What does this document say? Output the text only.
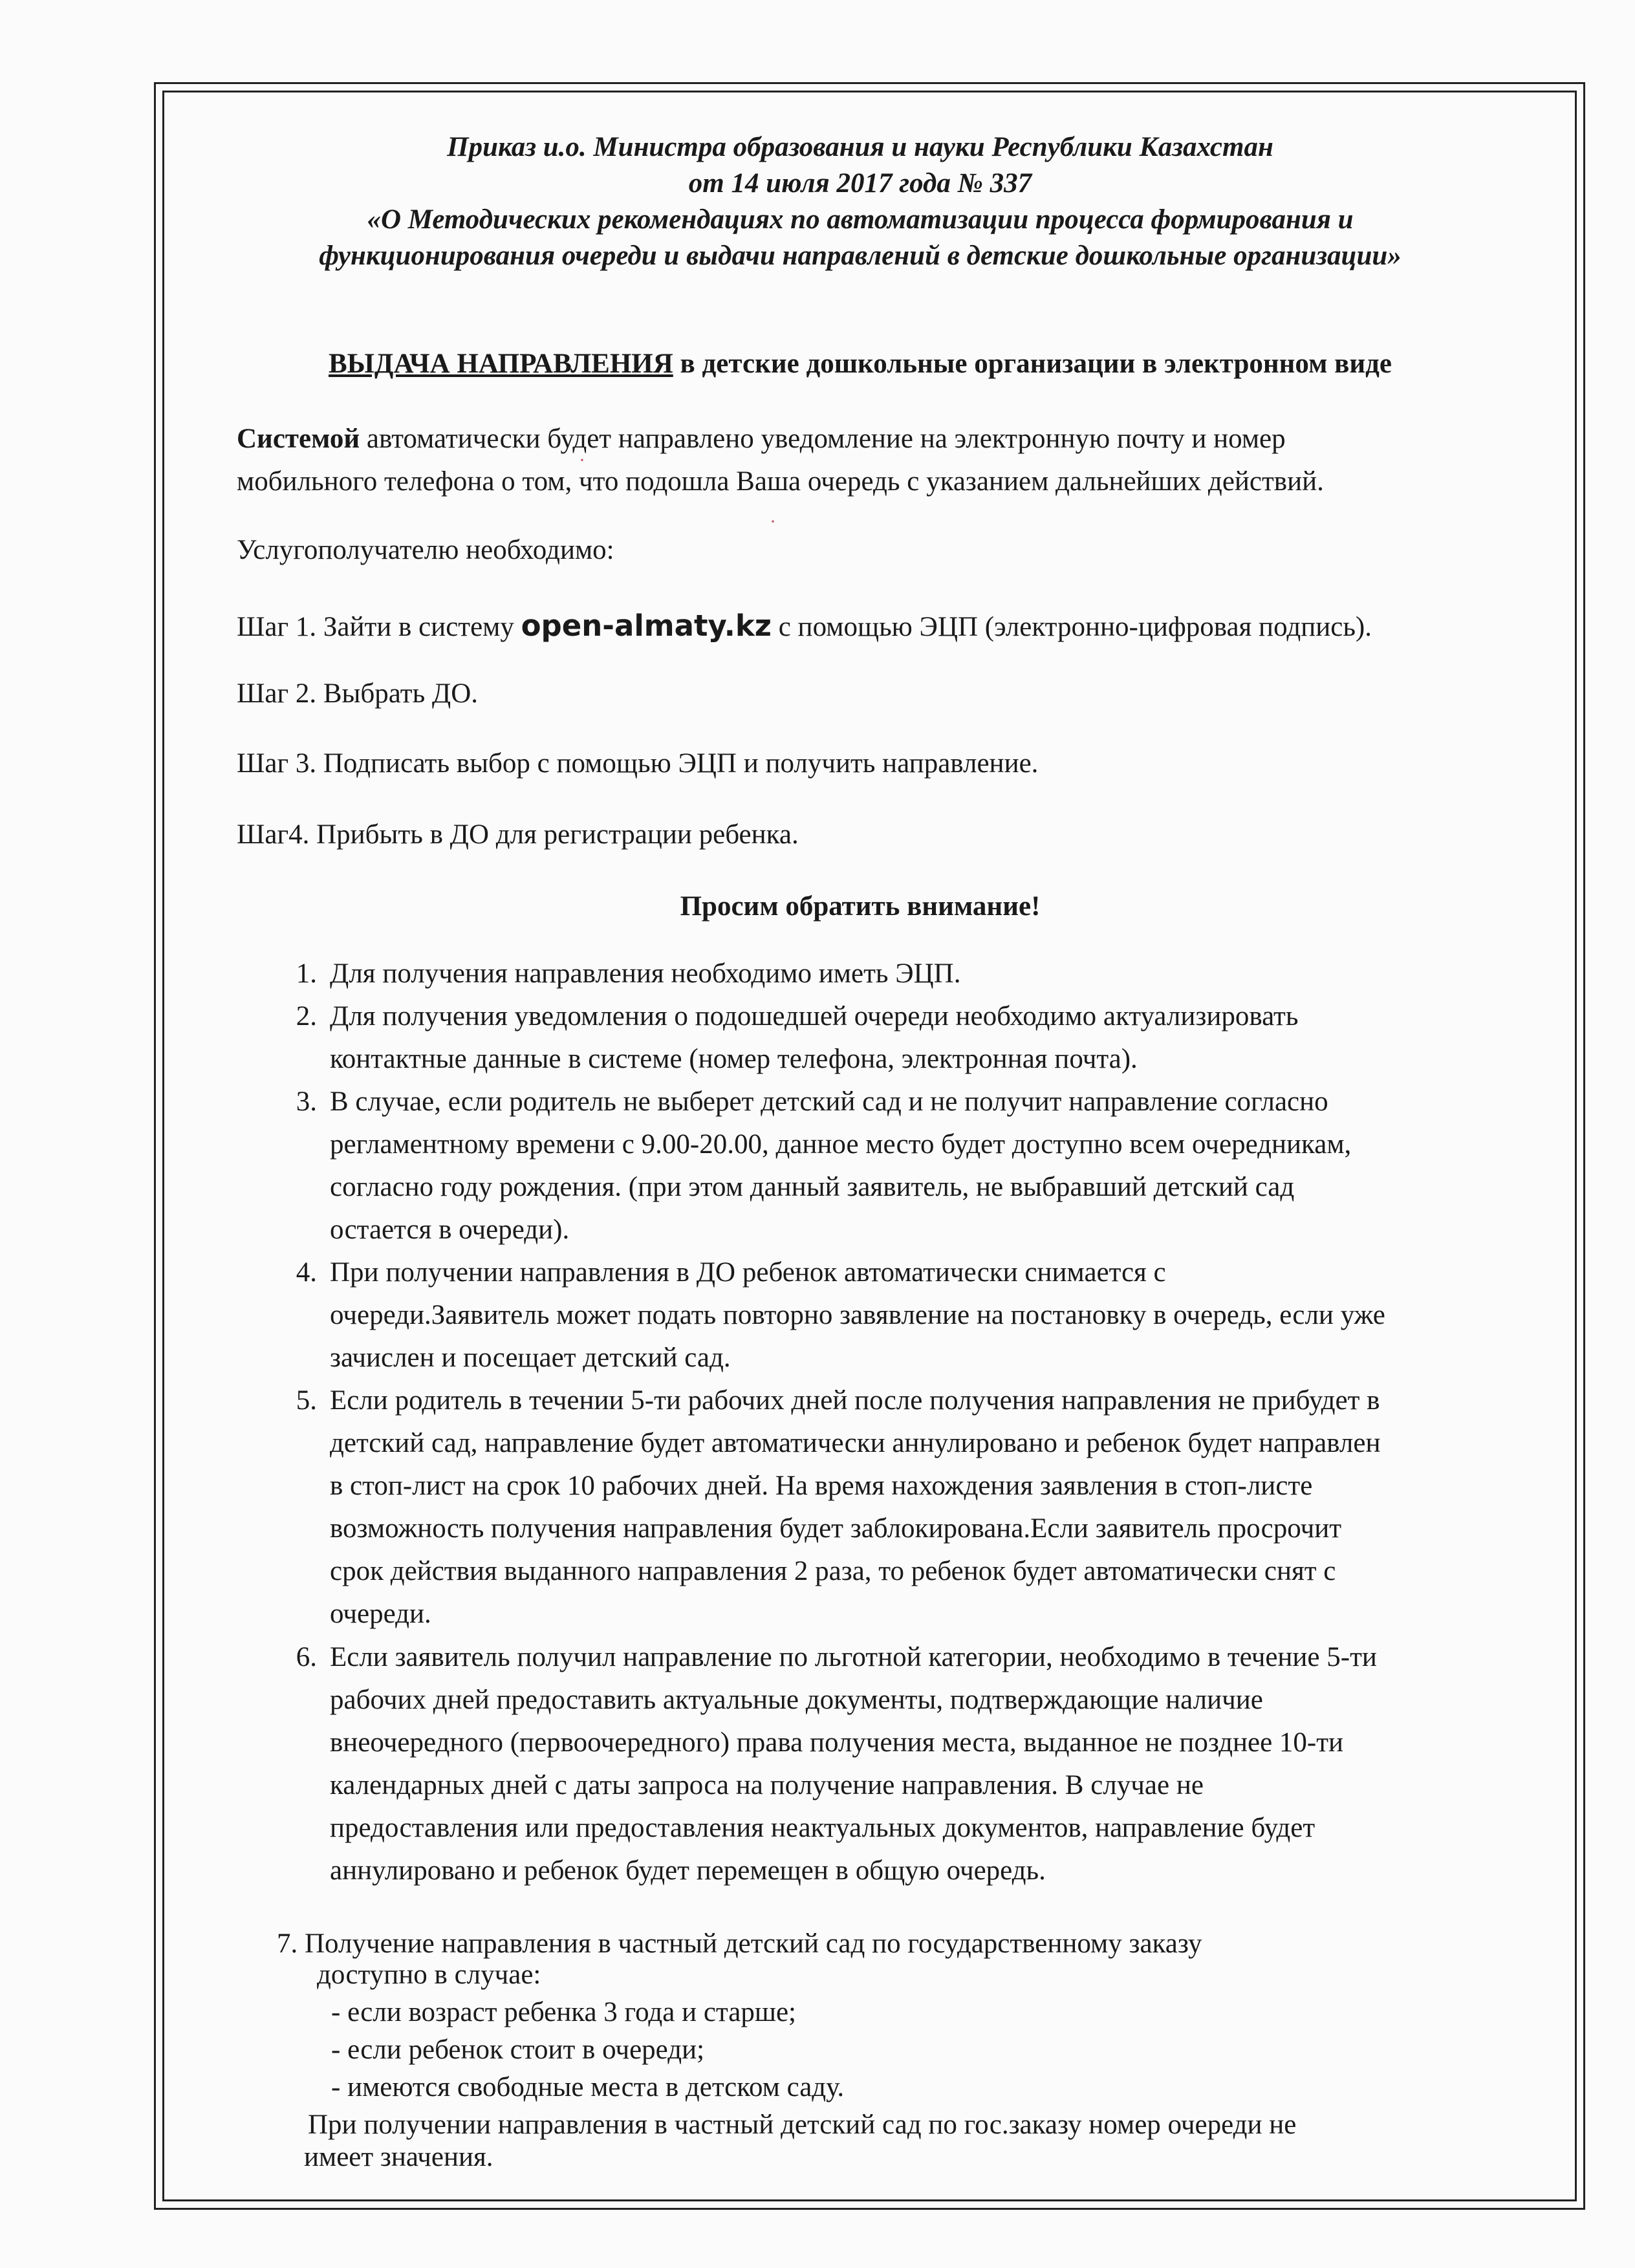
Приказ и.о. Министра образования и науки Республики Казахстан
от 14 июля 2017 года № 337
«О Методических рекомендациях по автоматизации процесса формирования и
функционирования очереди и выдачи направлений в детские дошкольные организации»
ВЫДАЧА НАПРАВЛЕНИЯ в детские дошкольные организации в электронном виде
Системой автоматически будет направлено уведомление на электронную почту и номер
мобильного телефона о том, что подошла Ваша очередь с указанием дальнейших действий.
Услугополучателю необходимо:
Шаг 1. Зайти в систему open-almaty.kz с помощью ЭЦП (электронно-цифровая подпись).
Шаг 2. Выбрать ДО.
Шаг 3. Подписать выбор с помощью ЭЦП и получить направление.
Шаг4. Прибыть в ДО для регистрации ребенка.
Просим обратить внимание!
1. Для получения направления необходимо иметь ЭЦП.
2. Для получения уведомления о подошедшей очереди необходимо актуализировать
контактные данные в системе (номер телефона, электронная почта).
3. В случае, если родитель не выберет детский сад и не получит направление согласно
регламентному времени с 9.00-20.00, данное место будет доступно всем очередникам,
согласно году рождения. (при этом данный заявитель, не выбравший детский сад
остается в очереди).
4. При получении направления в ДО ребенок автоматически снимается с
очереди.Заявитель может подать повторно завявление на постановку в очередь, если уже
зачислен и посещает детский сад.
5. Если родитель в течении 5-ти рабочих дней после получения направления не прибудет в
детский сад, направление будет автоматически аннулировано и ребенок будет направлен
в стоп-лист на срок 10 рабочих дней. На время нахождения заявления в стоп-листе
возможность получения направления будет заблокирована.Если заявитель просрочит
срок действия выданного направления 2 раза, то ребенок будет автоматически снят с
очереди.
6. Если заявитель получил направление по льготной категории, необходимо в течение 5-ти
рабочих дней предоставить актуальные документы, подтверждающие наличие
внеочередного (первоочередного) права получения места, выданное не позднее 10-ти
календарных дней с даты запроса на получение направления. В случае не
предоставления или предоставления неактуальных документов, направление будет
аннулировано и ребенок будет перемещен в общую очередь.
7. Получение направления в частный детский сад по государственному заказу
доступно в случае:
- если возраст ребенка 3 года и старше;
- если ребенок стоит в очереди;
- имеются свободные места в детском саду.
При получении направления в частный детский сад по гос.заказу номер очереди не
имеет значения.
·
·
